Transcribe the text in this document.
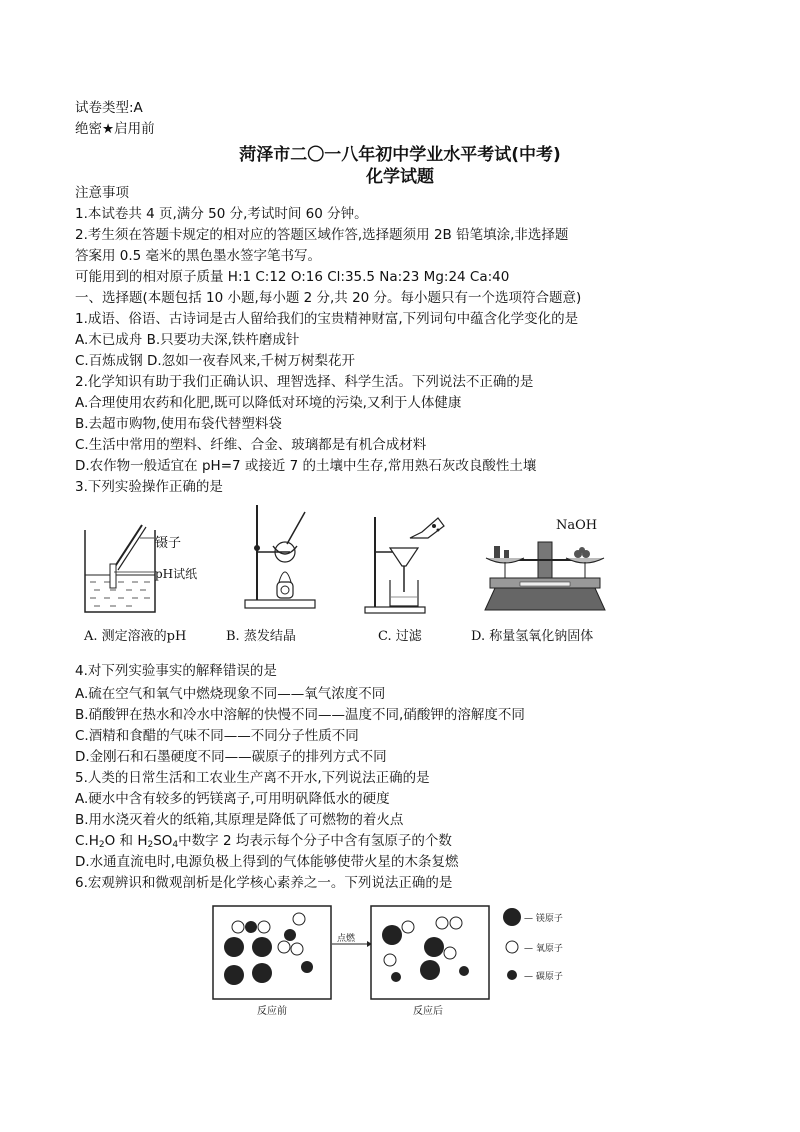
试卷类型:A
绝密★启用前
菏泽市二〇一八年初中学业水平考试(中考)
化学试题
注意事项
1.本试卷共 4 页,满分 50 分,考试时间 60 分钟。
2.考生须在答题卡规定的相对应的答题区域作答,选择题须用 2B 铅笔填涂,非选择题
答案用 0.5 毫米的黑色墨水签字笔书写。
可能用到的相对原子质量 H:1 C:12 O:16 Cl:35.5 Na:23 Mg:24 Ca:40
一、选择题(本题包括 10 小题,每小题 2 分,共 20 分。每小题只有一个选项符合题意)
1.成语、俗语、古诗词是古人留给我们的宝贵精神财富,下列词句中蕴含化学变化的是
A.木已成舟 B.只要功夫深,铁杵磨成针
C.百炼成钢 D.忽如一夜春风来,千树万树梨花开
2.化学知识有助于我们正确认识、理智选择、科学生活。下列说法不正确的是
A.合理使用农药和化肥,既可以降低对环境的污染,又利于人体健康
B.去超市购物,使用布袋代替塑料袋
C.生活中常用的塑料、纤维、合金、玻璃都是有机合成材料
D.农作物一般适宜在 pH=7 或接近 7 的土壤中生存,常用熟石灰改良酸性土壤
3.下列实验操作正确的是
镊子
pH试纸
A. 测定溶液的pH	B. 蒸发结晶	C. 过滤
NaOH
D. 称量氢氧化钠固体
4.对下列实验事实的解释错误的是
A.硫在空气和氧气中燃烧现象不同——氧气浓度不同
B.硝酸钾在热水和冷水中溶解的快慢不同——温度不同,硝酸钾的溶解度不同
C.酒精和食醋的气味不同——不同分子性质不同
D.金刚石和石墨硬度不同——碳原子的排列方式不同
5.人类的日常生活和工农业生产离不开水,下列说法正确的是
A.硬水中含有较多的钙镁离子,可用明矾降低水的硬度
B.用水浇灭着火的纸箱,其原理是降低了可燃物的着火点
$C.H_2O$ 和 $H_2SO_4$中数字 2 均表示每个分子中含有氢原子的个数
D.水通直流电时,电源负极上得到的气体能够使带火星的木条复燃
6.宏观辨识和微观剖析是化学核心素养之一。下列说法正确的是
点燃
— 镁原子
— 氧原子
— 碳原子
反应前	反应后
